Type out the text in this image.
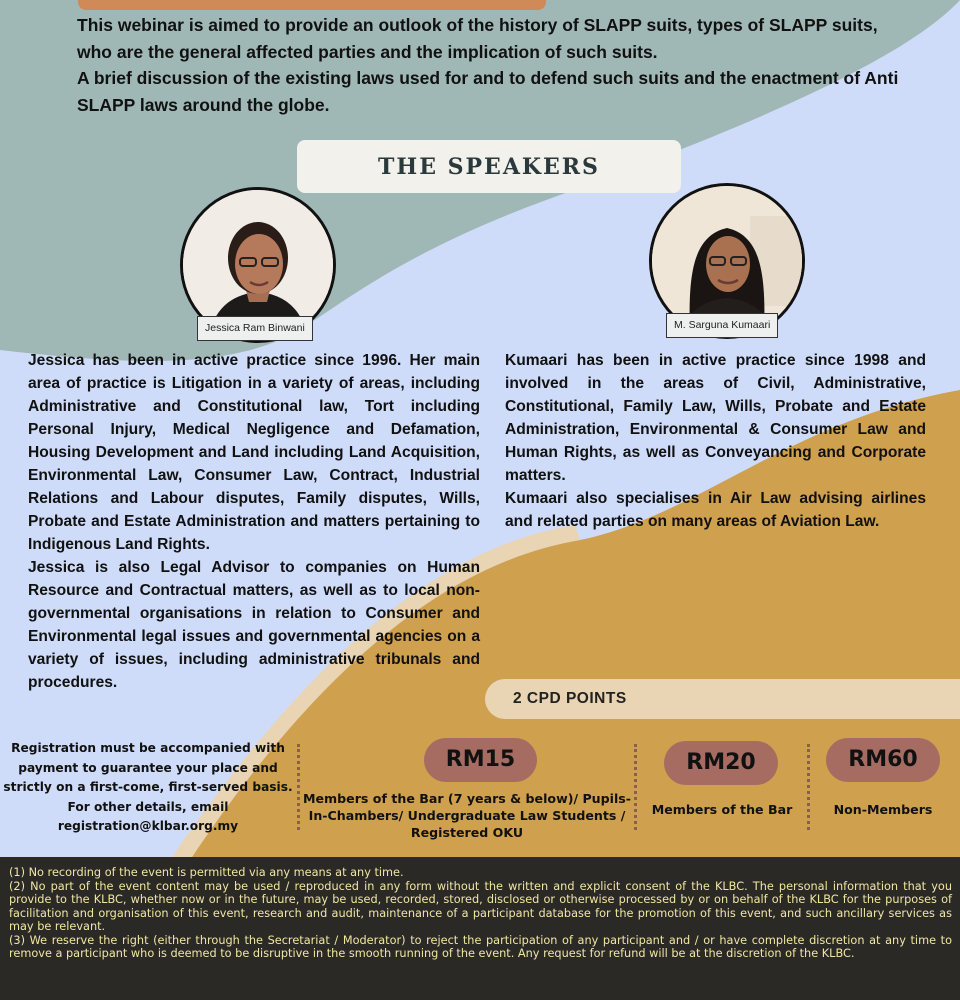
This webinar is aimed to provide an outlook of the history of SLAPP suits, types of SLAPP suits, who are the general affected parties and the implication of such suits.

A brief discussion of the existing laws used for and to defend such suits and the enactment of Anti SLAPP laws around the globe.

THE SPEAKERS
Jessica Ram Binwani	M. Sarguna Kumaari

Jessica has been in active practice since 1996. Her main area of practice is Litigation in a variety of areas, including Administrative and Constitutional law, Tort including Personal Injury, Medical Negligence and Defamation, Housing Development and Land including Land Acquisition, Environmental Law, Consumer Law, Contract, Industrial Relations and Labour disputes, Family disputes, Wills, Probate and Estate Administration and matters pertaining to Indigenous Land Rights.

Jessica is also Legal Advisor to companies on Human Resource and Contractual matters, as well as to local non-governmental organisations in relation to Consumer and Environmental legal issues and governmental agencies on a variety of issues, including administrative tribunals and procedures.

Kumaari has been in active practice since 1998 and involved in the areas of Civil, Administrative, Constitutional, Family Law, Wills, Probate and Estate Administration, Environmental & Consumer Law and Human Rights, as well as Conveyancing and Corporate matters.

Kumaari also specialises in Air Law advising airlines and related parties on many areas of Aviation Law.

2 CPD POINTS
Registration must be accompanied with payment to guarantee your place and strictly on a first-come, first-served basis. For other details, email registration@klbar.org.my
RM15
Members of the Bar (7 years & below)/ Pupils-In-Chambers/ Undergraduate Law Students / Registered OKU
RM20
Members of the Bar
RM60
Non-Members

(1) No recording of the event is permitted via any means at any time.

(2) No part of the event content may be used / reproduced in any form without the written and explicit consent of the KLBC. The personal information that you provide to the KLBC, whether now or in the future, may be used, recorded, stored, disclosed or otherwise processed by or on behalf of the KLBC for the purposes of facilitation and organisation of this event, research and audit, maintenance of a participant database for the promotion of this event, and such ancillary services as may be relevant.

(3) We reserve the right (either through the Secretariat / Moderator) to reject the participation of any participant and / or have complete discretion at any time to remove a participant who is deemed to be disruptive in the smooth running of the event. Any request for refund will be at the discretion of the KLBC.
